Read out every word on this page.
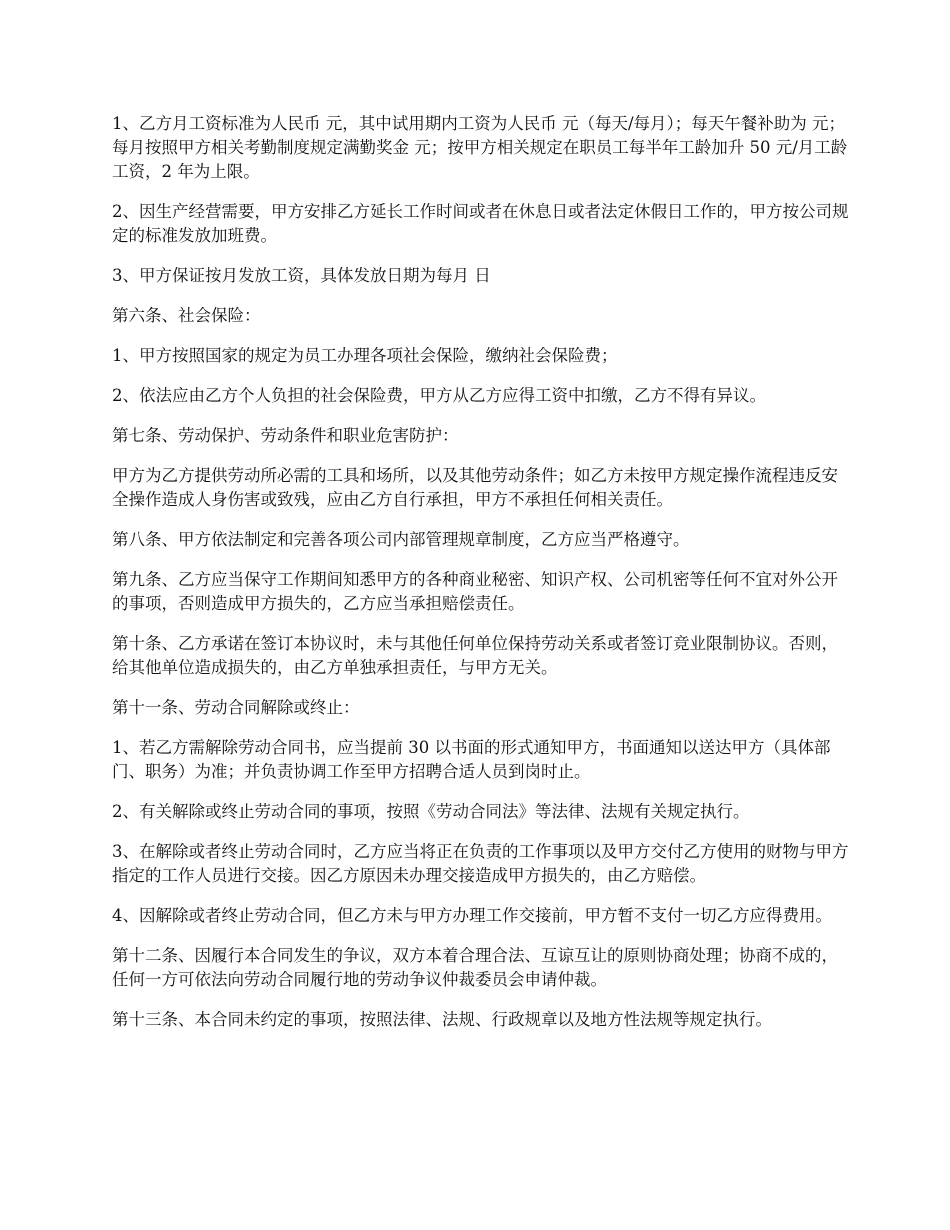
1、乙方月工资标准为人民币 元，其中试用期内工资为人民币 元（每天/每月）；每天午餐补助为 元；每月按照甲方相关考勤制度规定满勤奖金 元；按甲方相关规定在职员工每半年工龄加升 50 元/月工龄工资，2 年为上限。

2、因生产经营需要，甲方安排乙方延长工作时间或者在休息日或者法定休假日工作的，甲方按公司规定的标准发放加班费。

3、甲方保证按月发放工资，具体发放日期为每月 日

第六条、社会保险：

1、甲方按照国家的规定为员工办理各项社会保险，缴纳社会保险费；

2、依法应由乙方个人负担的社会保险费，甲方从乙方应得工资中扣缴，乙方不得有异议。

第七条、劳动保护、劳动条件和职业危害防护：

甲方为乙方提供劳动所必需的工具和场所，以及其他劳动条件；如乙方未按甲方规定操作流程违反安全操作造成人身伤害或致残，应由乙方自行承担，甲方不承担任何相关责任。

第八条、甲方依法制定和完善各项公司内部管理规章制度，乙方应当严格遵守。

第九条、乙方应当保守工作期间知悉甲方的各种商业秘密、知识产权、公司机密等任何不宜对外公开的事项，否则造成甲方损失的，乙方应当承担赔偿责任。

第十条、乙方承诺在签订本协议时，未与其他任何单位保持劳动关系或者签订竞业限制协议。否则，给其他单位造成损失的，由乙方单独承担责任，与甲方无关。

第十一条、劳动合同解除或终止：

1、若乙方需解除劳动合同书，应当提前 30 以书面的形式通知甲方，书面通知以送达甲方（具体部门、职务）为准；并负责协调工作至甲方招聘合适人员到岗时止。

2、有关解除或终止劳动合同的事项，按照《劳动合同法》等法律、法规有关规定执行。

3、在解除或者终止劳动合同时，乙方应当将正在负责的工作事项以及甲方交付乙方使用的财物与甲方指定的工作人员进行交接。因乙方原因未办理交接造成甲方损失的，由乙方赔偿。

4、因解除或者终止劳动合同，但乙方未与甲方办理工作交接前，甲方暂不支付一切乙方应得费用。

第十二条、因履行本合同发生的争议，双方本着合理合法、互谅互让的原则协商处理；协商不成的，任何一方可依法向劳动合同履行地的劳动争议仲裁委员会申请仲裁。

第十三条、本合同未约定的事项，按照法律、法规、行政规章以及地方性法规等规定执行。
